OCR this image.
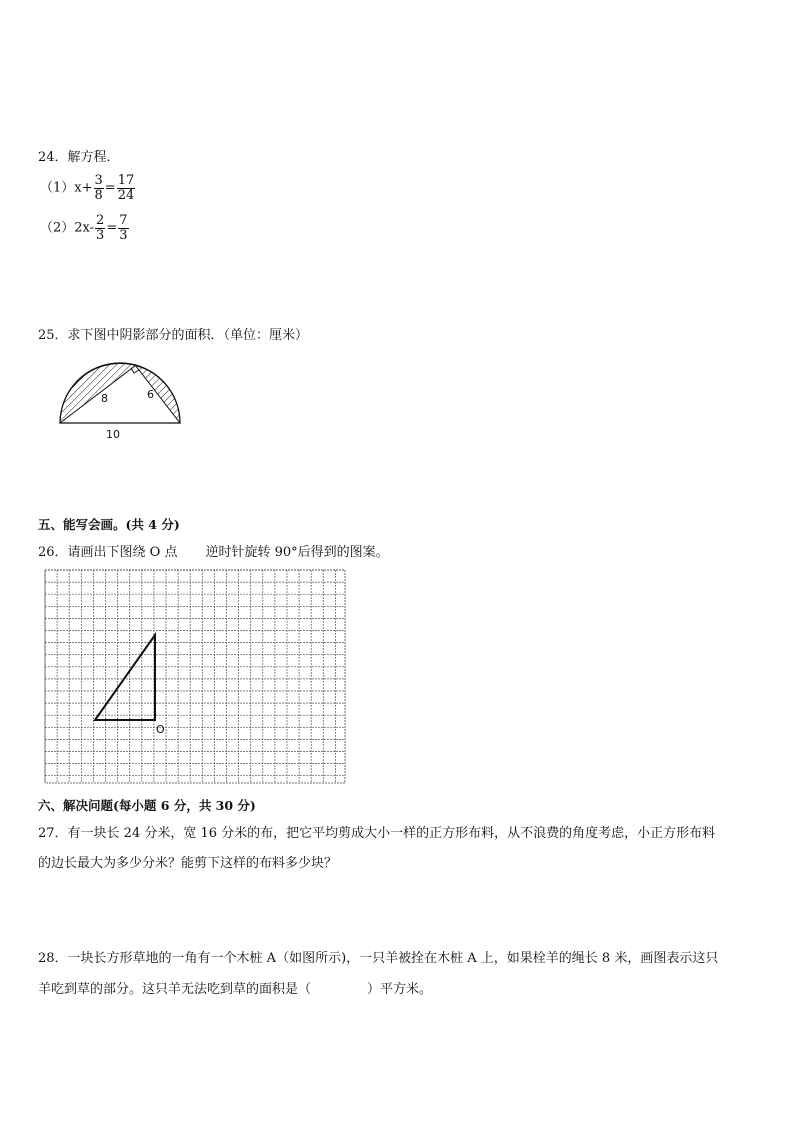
24．解方程．
$(1)x+ \frac{3}{8} = \frac{17}{24}$
$(2)2x- \frac{2}{3} = \frac{7}{3}$
25．求下图中阴影部分的面积．（单位：厘米）
8	6
10
五、能写会画。(共 4 分)
26．请画出下图绕 O 点 逆时针旋转 90°后得到的图案。
O
六、解决问题(每小题 6 分，共 30 分)
27．有一块长 24 分米，宽 16 分米的布，把它平均剪成大小一样的正方形布料，从不浪费的角度考虑，小正方形布料
的边长最大为多少分米？能剪下这样的布料多少块？
28．一块长方形草地的一角有一个木桩 A（如图所示)，一只羊被拴在木桩 A 上，如果栓羊的绳长 8 米，画图表示这只
羊吃到草的部分。这只羊无法吃到草的面积是（	）平方米。
